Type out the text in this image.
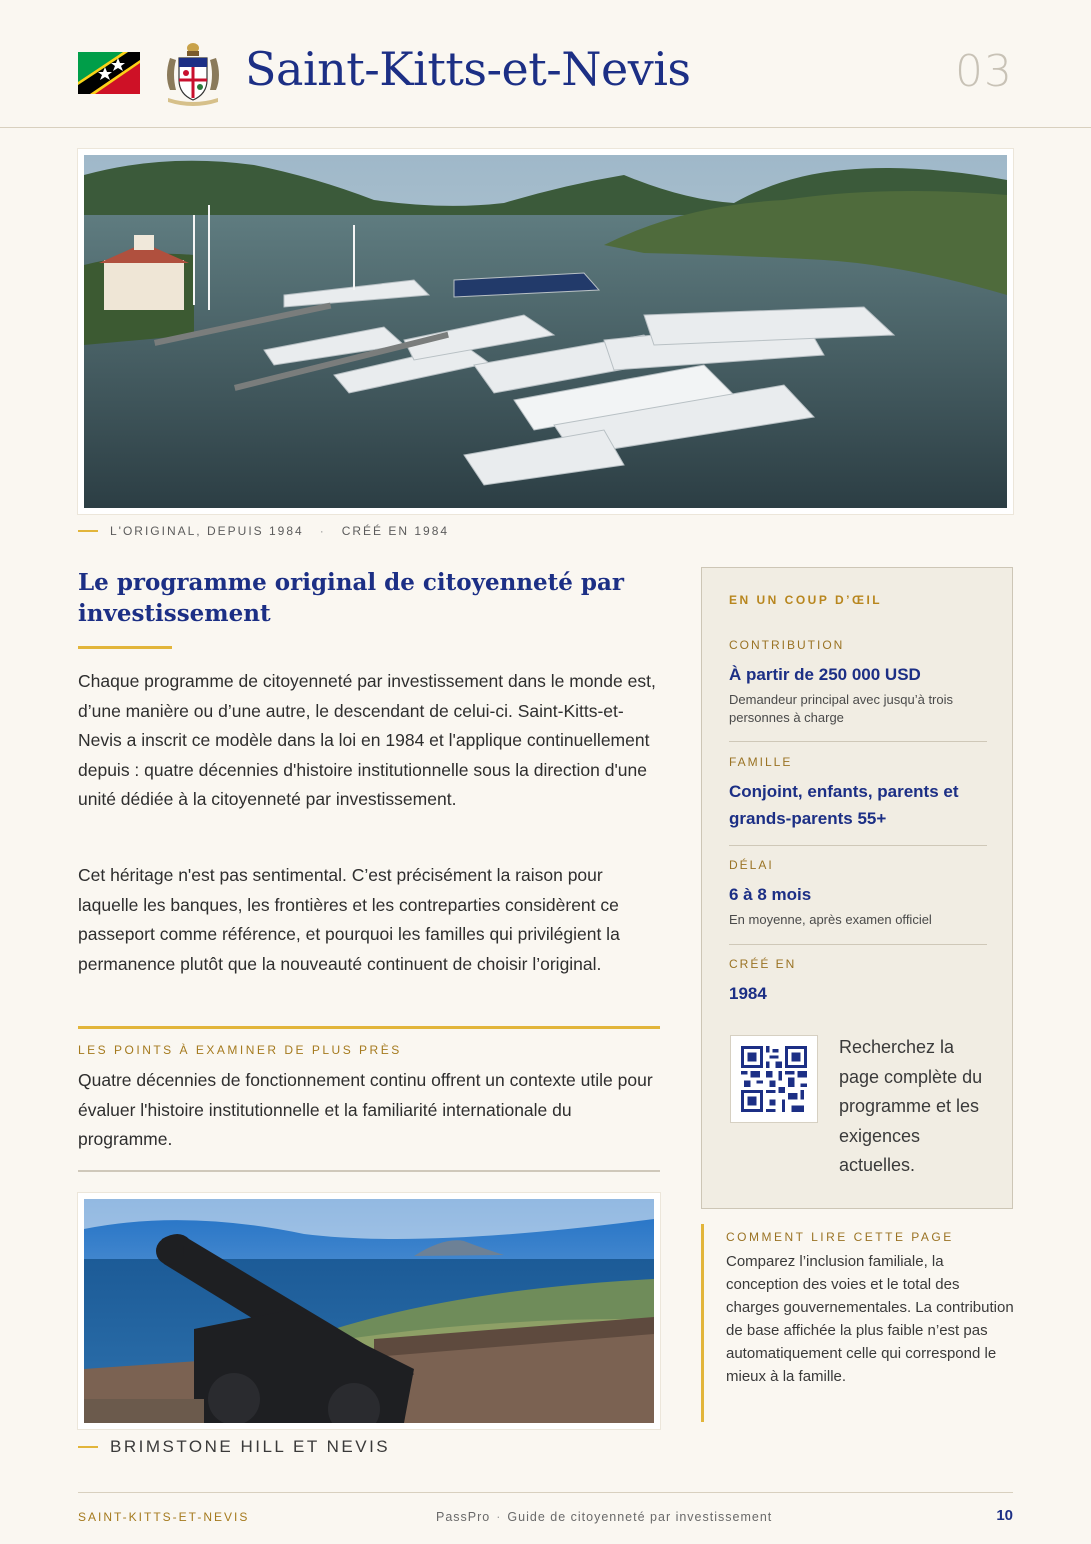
Saint-Kitts-et-Nevis	03
L'ORIGINAL, DEPUIS 1984 · CRÉÉ EN 1984
Le programme original de citoyenneté par investissement

Chaque programme de citoyenneté par investissement dans le monde est, d’une manière ou d’une autre, le descendant de celui-ci. Saint-Kitts-et-Nevis a inscrit ce modèle dans la loi en 1984 et l'applique continuellement depuis : quatre décennies d'histoire institutionnelle sous la direction d'une unité dédiée à la citoyenneté par investissement.

Cet héritage n'est pas sentimental. C’est précisément la raison pour laquelle les banques, les frontières et les contreparties considèrent ce passeport comme référence, et pourquoi les familles qui privilégient la permanence plutôt que la nouveauté continuent de choisir l’original.

LES POINTS À EXAMINER DE PLUS PRÈS

Quatre décennies de fonctionnement continu offrent un contexte utile pour évaluer l'histoire institutionnelle et la familiarité internationale du programme.

BRIMSTONE HILL ET NEVIS
EN UN COUP D’ŒIL
CONTRIBUTION
À partir de 250 000 USD
Demandeur principal avec jusqu’à trois personnes à charge
FAMILLE
Conjoint, enfants, parents et grands-parents 55+
DÉLAI
6 à 8 mois
En moyenne, après examen officiel
CRÉÉ EN
1984
Recherchez la page complète du programme et les exigences actuelles.
COMMENT LIRE CETTE PAGE
Comparez l’inclusion familiale, la conception des voies et le total des charges gouvernementales. La contribution de base affichée la plus faible n’est pas automatiquement celle qui correspond le mieux à la famille.
SAINT-KITTS-ET-NEVIS	PassPro · Guide de citoyenneté par investissement	10
